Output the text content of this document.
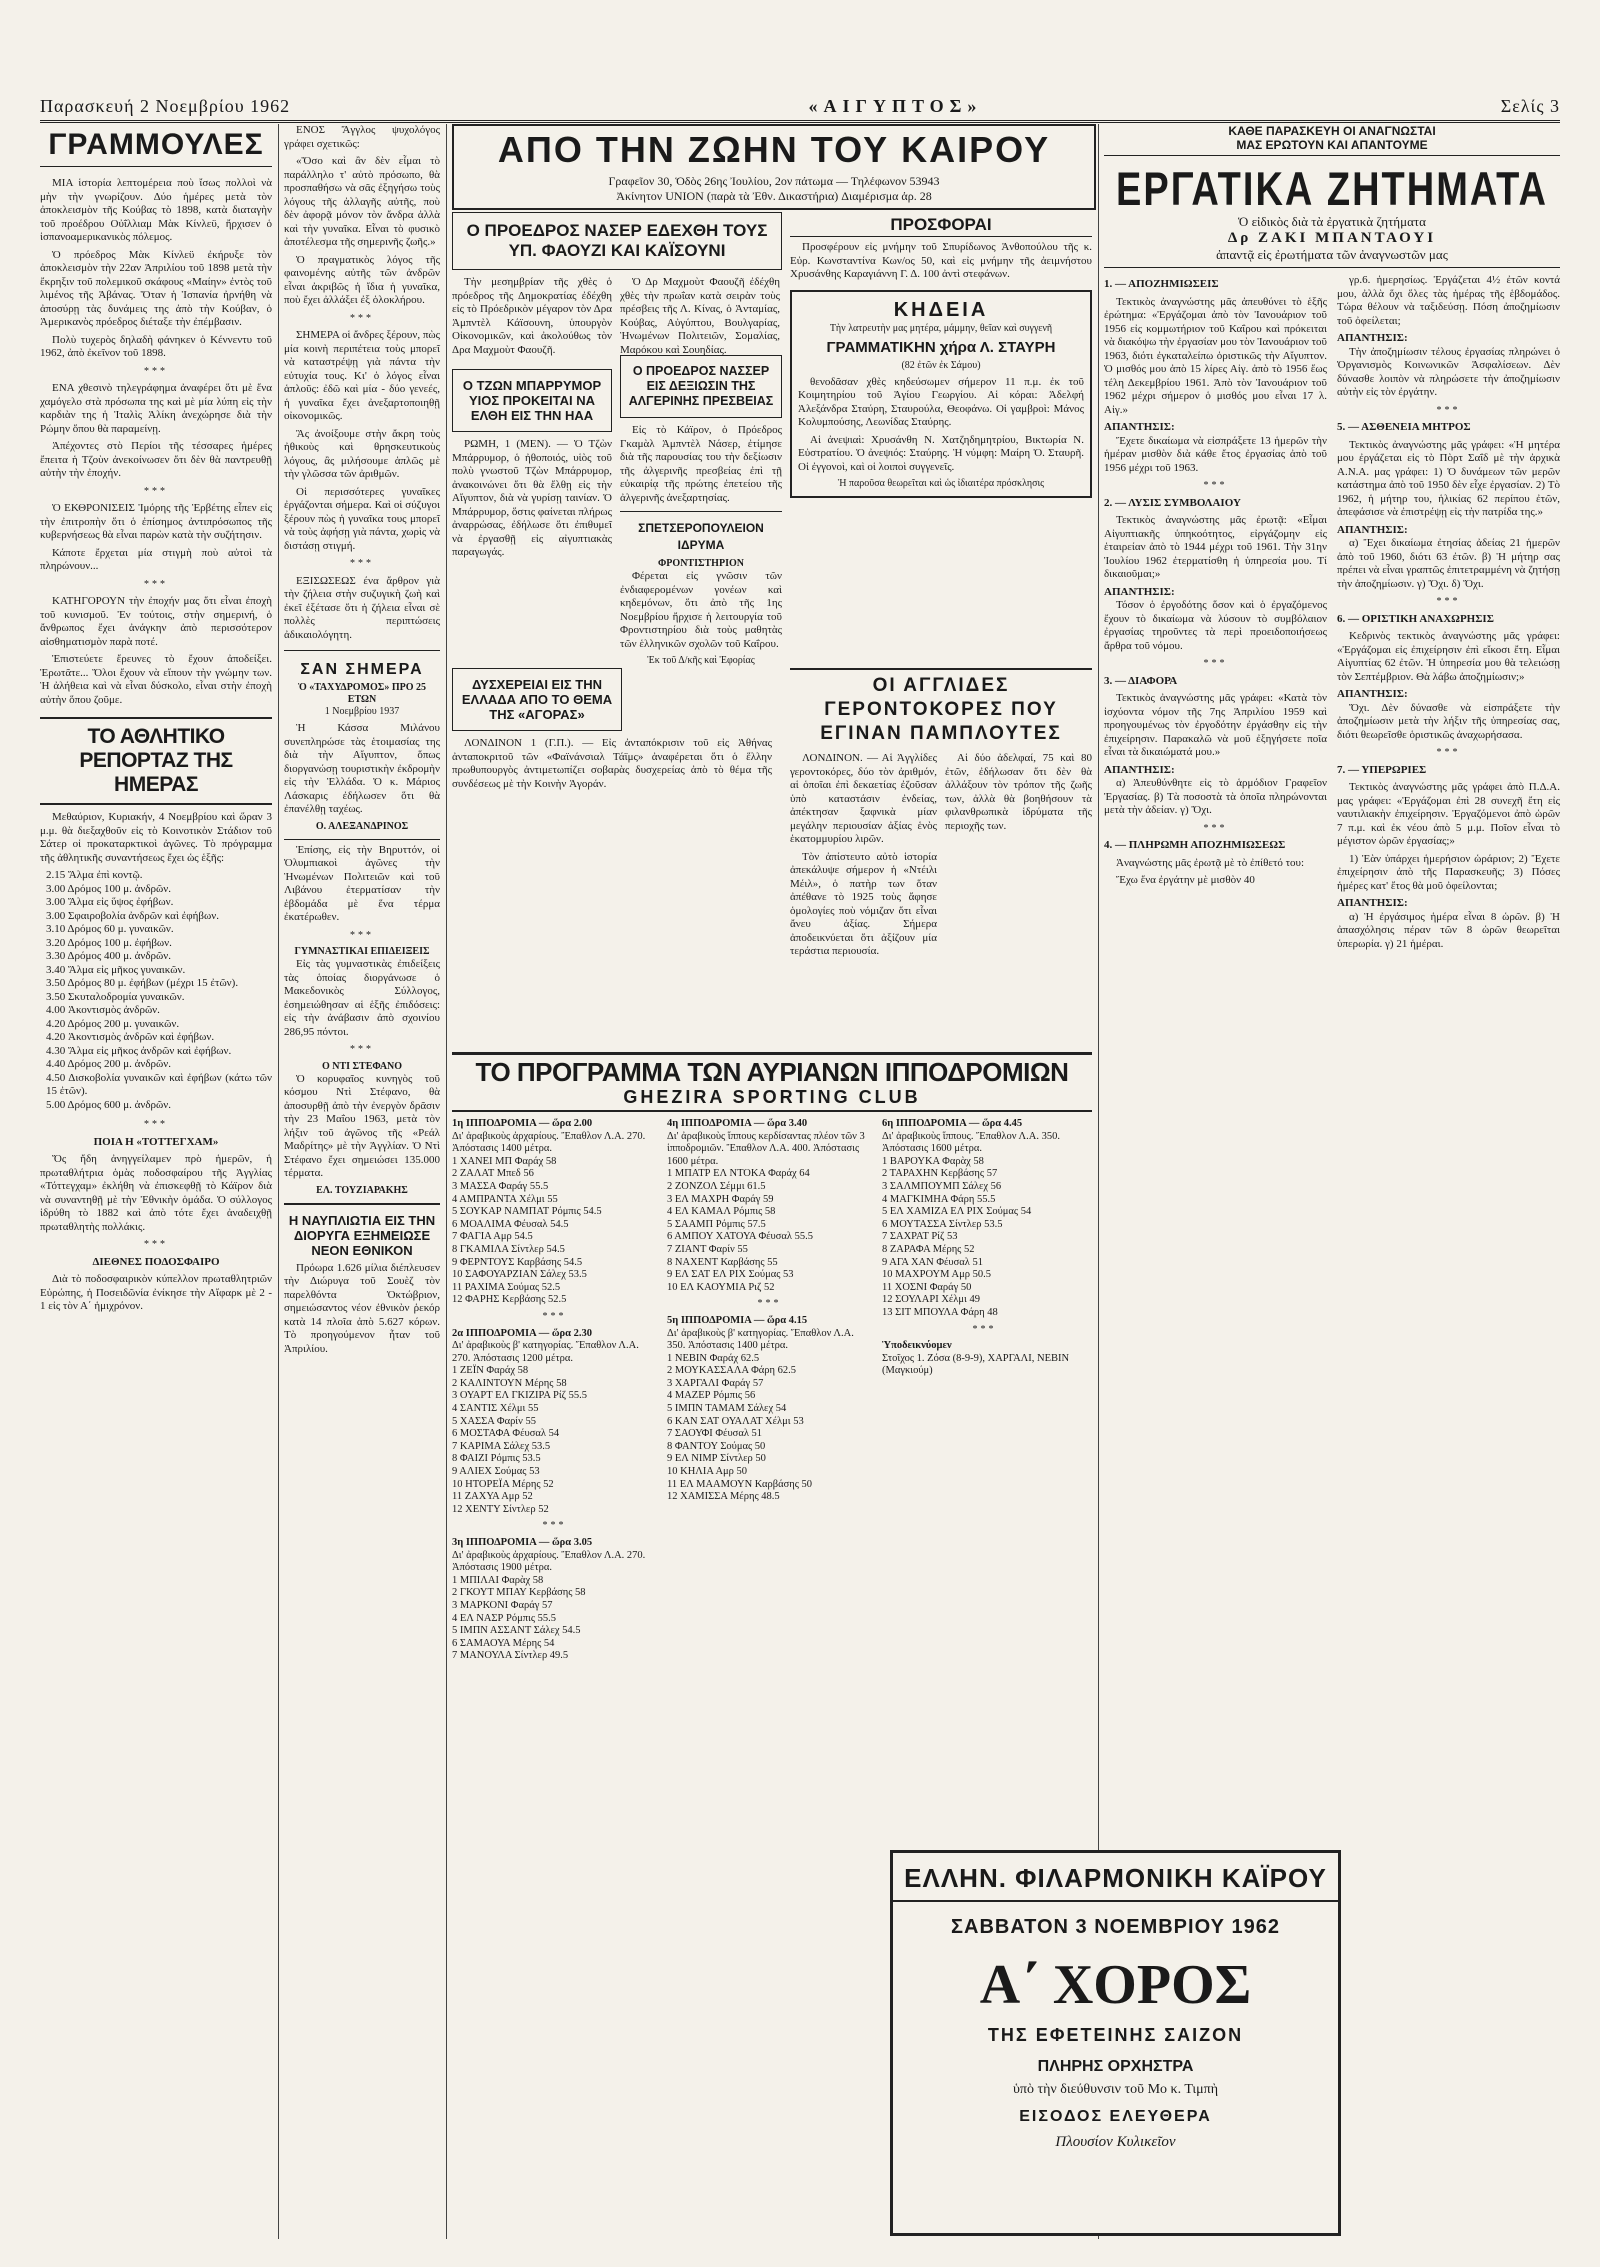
Παρασκευή 2 Νοεμβρίου 1962	«ΑΙΓΥΠΤΟΣ»	Σελίς 3
ΓΡΑΜΜΟΥΛΕΣ

ΜΙΑ ἱστορία λεπτομέρεια ποὺ ἴσως πολλοὶ νὰ μὴν τὴν γνωρίζουν. Δύο ἡμέρες μετὰ τὸν ἀποκλεισμὸν τῆς Κούβας τὸ 1898, κατὰ διαταγὴν τοῦ προέδρου Οὐΐλλιαμ Μὰκ Κίνλεϋ, ἤρχισεν ὁ ἱσπανοαμερικανικὸς πόλεμος.

Ὁ πρόεδρος Μὰκ Κίνλεϋ ἐκήρυξε τὸν ἀποκλεισμὸν τὴν 22αν Ἀπριλίου τοῦ 1898 μετὰ τὴν ἔκρηξιν τοῦ πολεμικοῦ σκάφους «Μαίην» ἐντὸς τοῦ λιμένος τῆς Ἀβάνας. Ὅταν ἡ Ἱσπανία ἠρνήθη νὰ ἀποσύρῃ τὰς δυνάμεις της ἀπὸ τὴν Κούβαν, ὁ Ἀμερικανὸς πρόεδρος διέταξε τὴν ἐπέμβασιν.

Πολὺ τυχερὸς δηλαδὴ φάνηκεν ὁ Κέννεντυ τοῦ 1962, ἀπὸ ἐκεῖνον τοῦ 1898.

***

ΕΝΑ χθεσινὸ τηλεγράφημα ἀναφέρει ὅτι μὲ ἕνα χαμόγελο στὰ πρόσωπα της καὶ μὲ μία λύπη εἰς τὴν καρδιὰν της ἡ Ἰταλὶς Ἀλίκη ἀνεχώρησε διὰ τὴν Ρώμην ὅπου θὰ παραμείνῃ.

Ἀπέχοντες στὸ Περίοι τῆς τέσσαρες ἡμέρες ἔπειτα ἡ Τζοὺν ἀνεκοίνωσεν ὅτι δὲν θὰ παντρευθῇ αὐτὴν τὴν ἐποχήν.

***

Ὁ ΕΚΘΡΟΝΙΣΕΙΣ Ἰμόρης τῆς Ἑρβέτης εἶπεν εἰς τὴν ἐπιτροπὴν ὅτι ὁ ἐπίσημος ἀντιπρόσωπος τῆς κυβερνήσεως θὰ εἶναι παρὼν κατὰ τὴν συζήτησιν.

Κάποτε ἔρχεται μία στιγμὴ ποὺ αὐτοὶ τὰ πληρώνουν...

***

ΚΑΤΗΓΟΡΟΥΝ τὴν ἐποχήν μας ὅτι εἶναι ἐποχὴ τοῦ κυνισμοῦ. Ἐν τούτοις, στὴν σημερινή, ὁ ἄνθρωπος ἔχει ἀνάγκην ἀπὸ περισσότερον αἰσθηματισμὸν παρὰ ποτέ.

Ἐπιστεύετε ἔρευνες τὸ ἔχουν ἀποδείξει. Ἐρωτᾶτε... Ὅλοι ἔχουν νὰ εἴπουν τὴν γνώμην των. Ἡ ἀλήθεια καὶ νὰ εἶναι δύσκολο, εἶναι στὴν ἐποχὴ αὐτὴν ὅπου ζοῦμε.

ΤΟ ΑΘΛΗΤΙΚΟ ΡΕΠΟΡΤΑΖ ΤΗΣ ΗΜΕΡΑΣ

Μεθαύριον, Κυριακήν, 4 Νοεμβρίου καὶ ὥραν 3 μ.μ. θὰ διεξαχθοῦν εἰς τὸ Κοινοτικὸν Στάδιον τοῦ Σάτερ οἱ προκαταρκτικοὶ ἀγῶνες. Τὸ πρόγραμμα τῆς ἀθλητικῆς συναντήσεως ἔχει ὡς ἑξῆς:

2.15 Ἅλμα ἐπὶ κοντῷ.
3.00 Δρόμος 100 μ. ἀνδρῶν.
3.00 Ἅλμα εἰς ὕψος ἐφήβων.
3.00 Σφαιροβολία ἀνδρῶν καὶ ἐφήβων.
3.10 Δρόμος 60 μ. γυναικῶν.
3.20 Δρόμος 100 μ. ἐφήβων.
3.30 Δρόμος 400 μ. ἀνδρῶν.
3.40 Ἅλμα εἰς μῆκος γυναικῶν.
3.50 Δρόμος 80 μ. ἐφήβων (μέχρι 15 ἐτῶν).
3.50 Σκυταλοδρομία γυναικῶν.
4.00 Ἀκοντισμὸς ἀνδρῶν.
4.20 Δρόμος 200 μ. γυναικῶν.
4.20 Ἀκοντισμὸς ἀνδρῶν καὶ ἐφήβων.
4.30 Ἅλμα εἰς μῆκος ἀνδρῶν καὶ ἐφήβων.
4.40 Δρόμος 200 μ. ἀνδρῶν.
4.50 Δισκοβολία γυναικῶν καὶ ἐφήβων (κάτω τῶν 15 ἐτῶν).
5.00 Δρόμος 600 μ. ἀνδρῶν.
***
ΠΟΙΑ Η «ΤΟΤΤΕΓΧΑΜ»

Ὅς ἤδη ἀνηγγείλαμεν πρὸ ἡμερῶν, ἡ πρωταθλήτρια ὁμὰς ποδοσφαίρου τῆς Ἀγγλίας «Τόττεγχαμ» ἐκλήθη νὰ ἐπισκεφθῇ τὸ Κάϊρον διὰ νὰ συναντηθῇ μὲ τὴν Ἐθνικὴν ὁμάδα. Ὁ σύλλογος ἱδρύθη τὸ 1882 καὶ ἀπὸ τότε ἔχει ἀναδειχθῇ πρωταθλητὴς πολλάκις.

***
ΔΙΕΘΝΕΣ ΠΟΔΟΣΦΑΙΡΟ

Διὰ τὸ ποδοσφαιρικὸν κύπελλον πρωταθλητριῶν Εὐρώπης, ἡ Ποσειδῶνία ἐνίκησε τὴν Αἴφαρκ μὲ 2 - 1 εἰς τὸν Α΄ ἡμιχρόνον.

ΕΝΟΣ Ἄγγλος ψυχολόγος γράφει σχετικῶς:

«Ὅσο καὶ ἂν δὲν εἶμαι τὸ παράλληλο τ' αὐτὸ πρόσωπο, θὰ προσπαθήσω νὰ σᾶς ἐξηγήσω τοὺς λόγους τῆς ἀλλαγῆς αὐτῆς, ποὺ δὲν ἀφορᾷ μόνον τὸν ἄνδρα ἀλλὰ καὶ τὴν γυναῖκα. Εἶναι τὸ φυσικὸ ἀποτέλεσμα τῆς σημερινῆς ζωῆς.»

Ὁ πραγματικὸς λόγος τῆς φαινομένης αὐτῆς τῶν ἀνδρῶν εἶναι ἀκριβῶς ἡ ἴδια ἡ γυναῖκα, ποὺ ἔχει ἀλλάξει ἐξ ὁλοκλήρου.

***

ΣΗΜΕΡΑ οἱ ἄνδρες ξέρουν, πὼς μία κοινὴ περιπέτεια τοὺς μπορεῖ νὰ καταστρέψῃ γιὰ πάντα τὴν εὐτυχία τους. Κι' ὁ λόγος εἶναι ἁπλοῦς: ἐδῶ καὶ μία - δύο γενεές, ἡ γυναῖκα ἔχει ἀνεξαρτοποιηθῇ οἰκονομικῶς.

Ἂς ἀνοίξουμε στὴν ἄκρη τοὺς ἠθικοὺς καὶ θρησκευτικοὺς λόγους, ἂς μιλήσουμε ἁπλῶς μὲ τὴν γλῶσσα τῶν ἀριθμῶν.

Οἱ περισσότερες γυναῖκες ἐργάζονται σήμερα. Καὶ οἱ σύζυγοι ξέρουν πὼς ἡ γυναῖκα τους μπορεῖ νὰ τοὺς ἀφήσῃ γιὰ πάντα, χωρὶς νὰ διστάσῃ στιγμή.

***

ΕΞΙΣΩΣΕΩΣ ένα ἄρθρον γιὰ τὴν ζήλεια στὴν συζυγικὴ ζωὴ καὶ ἐκεῖ ἐξέτασε ὅτι ἡ ζήλεια εἶναι σὲ πολλὲς περιπτώσεις ἀδικαιολόγητη.

ΣΑΝ ΣΗΜΕΡΑ
Ὁ «ΤΑΧΥΔΡΟΜΟΣ» ΠΡΟ 25 ΕΤΩΝ
1 Νοεμβρίου 1937

Ἡ Κάσσα Μιλάνου συνεπληρώσε τὰς ἑτοιμασίας της διὰ τὴν Αἴγυπτον, ὅπως διοργανώσῃ τουριστικὴν ἐκδρομὴν εἰς τὴν Ἑλλάδα. Ὁ κ. Μάριος Λάσκαρις ἐδήλωσεν ὅτι θὰ ἐπανέλθῃ ταχέως.

Ο. ΑΛΕΞΑΝΔΡΙΝΟΣ

Ἐπίσης, εἰς τὴν Βηρυττόν, οἱ Ὀλυμπιακοὶ ἀγῶνες τὴν Ἡνωμένων Πολιτειῶν καὶ τοῦ Λιβάνου ἐτερματίσαν τὴν ἑβδομάδα μὲ ἕνα τέρμα ἐκατέρωθεν.

***
ΓΥΜΝΑΣΤΙΚΑΙ ΕΠΙΔΕΙΞΕΙΣ

Εἰς τὰς γυμναστικὰς ἐπιδείξεις τὰς ὁποίας διοργάνωσε ὁ Μακεδονικὸς Σύλλογος, ἐσημειώθησαν αἱ ἑξῆς ἐπιδόσεις: εἰς τὴν ἀνάβασιν ἀπὸ σχοινίου 286,95 πόντοι.

***
Ο ΝΤΙ ΣΤΕΦΑΝΟ

Ὁ κορυφαῖος κυνηγὸς τοῦ κόσμου Ντὶ Στέφανο, θὰ ἀποσυρθῇ ἀπὸ τὴν ἐνεργὸν δρᾶσιν τὴν 23 Μαΐου 1963, μετὰ τὸν λήξιν τοῦ ἀγῶνος τῆς «Ρεάλ Μαδρίτης» μὲ τὴν Ἀγγλίαν. Ὁ Ντὶ Στέφανο ἔχει σημειώσει 135.000 τέρματα.

ΕΛ. ΤΟΥΖΙΑΡΑΚΗΣ
Η ΝΑΥΠΛΙΩΤΙΑ ΕΙΣ ΤΗΝ ΔΙΟΡΥΓΑ ΕΞΗΜΕΙΩΣΕ ΝΕΟΝ ΕΘΝΙΚΟΝ

Πρόωρα 1.626 μίλια διέπλευσεν τὴν Διώρυγα τοῦ Σουὲζ τὸν παρελθόντα Ὀκτώβριον, σημειώσαντος νέον ἐθνικὸν ῥεκόρ κατὰ 14 πλοῖα ἀπὸ 5.627 κόρων. Τὸ προηγούμενον ἦταν τοῦ Ἀπριλίου.

ΑΠΟ ΤΗΝ ΖΩΗΝ ΤΟΥ ΚΑΙΡΟΥ
Γραφεῖον 30, Ὁδὸς 26ης Ἰουλίου, 2ον πάτωμα — Τηλέφωνον 53943
Ἀκίνητον UNION (παρὰ τὰ Ἐθν. Δικαστήρια) Διαμέρισμα ἀρ. 28
Ο ΠΡΟΕΔΡΟΣ ΝΑΣΕΡ ΕΔΕΧΘΗ ΤΟΥΣ ΥΠ. ΦΑΟΥΖΙ ΚΑΙ ΚΑΪΣΟΥΝΙ

Τὴν μεσημβρίαν τῆς χθὲς ὁ πρόεδρος τῆς Δημοκρατίας ἐδέχθη εἰς τὸ Πρόεδρικὸν μέγαρον τὸν Δρα Ἀμπντὲλ Κάϊσουνη, ὑπουργὸν Οἰκονομικῶν, καὶ ἀκολούθως τὸν Δρα Μαχμοὺτ Φαουζῆ.

Ὁ Δρ Μαχμοὺτ Φαουζῆ ἐδέχθη χθὲς τὴν πρωΐαν κατὰ σειρὰν τοὺς πρέσβεις τῆς Λ. Κίνας, ὁ Ἀνταμίας, Κούβας, Αὐγύπτου, Βουλγαρίας, Ἡνωμένων Πολιτειῶν, Σομαλίας, Μαρόκου καὶ Σουηδίας.

Ο ΤΖΩΝ ΜΠΑΡΡΥΜΟΡ ΥΙΟΣ ΠΡΟΚΕΙΤΑΙ ΝΑ ΕΛΘΗ ΕΙΣ ΤΗΝ ΗΑΑ

ΡΩΜΗ, 1 (ΜΕΝ). — Ὁ Τζὼν Μπάρρυμορ, ὁ ἠθοποιός, υἱὸς τοῦ πολὺ γνωστοῦ Τζὼν Μπάρρυμορ, ἀνακοινώνει ὅτι θὰ ἔλθῃ εἰς τὴν Αἴγυπτον, διὰ νὰ γυρίσῃ ταινίαν. Ὁ Μπάρρυμορ, ὅστις φαίνεται πλήρως ἀναρρώσας, ἐδήλωσε ὅτι ἐπιθυμεῖ νὰ ἐργασθῇ εἰς αἰγυπτιακὰς παραγωγάς.

Ο ΠΡΟΕΔΡΟΣ ΝΑΣΣΕΡ ΕΙΣ ΔΕΞΙΩΣΙΝ ΤΗΣ ΑΛΓΕΡΙΝΗΣ ΠΡΕΣΒΕΙΑΣ

Εἰς τὸ Κάϊρον, ὁ Πρόεδρος Γκαμὰλ Ἀμπντὲλ Νάσερ, ἐτίμησε διὰ τῆς παρουσίας του τὴν δεξίωσιν τῆς ἀλγερινῆς πρεσβείας ἐπὶ τῇ εὐκαιρίᾳ τῆς πρώτης ἐπετείου τῆς ἀλγερινῆς ἀνεξαρτησίας.

ΣΠΕΤΣΕΡΟΠΟΥΛΕΙΟΝ ΙΔΡΥΜΑ
ΦΡΟΝΤΙΣΤΗΡΙΟΝ

Φέρεται εἰς γνῶσιν τῶν ἐνδιαφερομένων γονέων καὶ κηδεμόνων, ὅτι ἀπὸ τῆς 1ης Νοεμβρίου ἤρχισε ἡ λειτουργία τοῦ Φροντιστηρίου διὰ τοὺς μαθητὰς τῶν ἑλληνικῶν σχολῶν τοῦ Καΐρου.

Ἐκ τοῦ Δ/κῆς καὶ Ἐφορίας
ΠΡΟΣΦΟΡΑΙ

Προσφέρουν εἰς μνήμην τοῦ Σπυρίδωνος Ἀνθοπούλου τῆς κ. Εὐρ. Κωνσταντίνα Κων/ος 50, καὶ εἰς μνήμην τῆς ἀειμνήστου Χρυσάνθης Καραγιάννη Γ. Δ. 100 ἀντὶ στεφάνων.

ΚΗΔΕΙΑ
Τὴν λατρευτὴν μας μητέρα, μάμμην, θεῖαν καὶ συγγενῆ
ΓΡΑΜΜΑΤΙΚΗΝ χήρα Λ. ΣΤΑΥΡΗ
(82 ἐτῶν ἐκ Σάμου)

θενοδᾶσαν χθὲς κηδεύσωμεν σήμερον 11 π.μ. ἐκ τοῦ Κοιμητηρίου τοῦ Ἁγίου Γεωργίου. Αἱ κόραι: Ἀδελφή Ἀλεξάνδρα Σταύρη, Σταυρούλα, Θεοφάνω. Οἱ γαμβροὶ: Μάνος Κολυμπούσης, Λεωνίδας Σταύρης.

Αἱ ἀνεψιαὶ: Χρυσάνθη Ν. Χατζηδημητρίου, Βικτωρία Ν. Εὐστρατίου. Ὁ ἀνεψιός: Σταύρης. Ἡ νύμφη: Μαίρη Ὀ. Σταυρῆ. Οἱ ἐγγονοὶ, καὶ οἱ λοιποὶ συγγενεῖς.

Ἡ παροῦσα θεωρεῖται καὶ ὡς ἰδιαιτέρα πρόσκλησις
ΟΙ ΑΓΓΛΙΔΕΣ ΓΕΡΟΝΤΟΚΟΡΕΣ ΠΟΥ ΕΓΙΝΑΝ ΠΑΜΠΛΟΥΤΕΣ

ΛΟΝΔΙΝΟΝ. — Αἱ Ἀγγλίδες γεροντοκόρες, δύο τὸν ἀριθμόν, αἱ ὁποῖαι ἐπὶ δεκαετίας ἐζοῦσαν ὑπὸ καταστάσιν ἐνδείας, ἀπέκτησαν ξαφνικὰ μίαν μεγάλην περιουσίαν ἀξίας ἑνὸς ἑκατομμυρίου λιρῶν.

Τὸν ἀπίστευτο αὐτὸ ἱστορία ἀπεκάλυψε σήμερον ἡ «Ντέιλι Μέιλ», ὁ πατὴρ των ὅταν ἀπέθανε τὸ 1925 τοὺς ἄφησε ὁμολογίες ποὺ νόμιζαν ὅτι εἶναι ἄνευ ἀξίας. Σήμερα ἀποδεικνύεται ὅτι ἀξίζουν μία τεράστια περιουσία.

Αἱ δύο ἀδελφαί, 75 καὶ 80 ἐτῶν, ἐδήλωσαν ὅτι δὲν θὰ ἀλλάξουν τὸν τρόπον τῆς ζωῆς των, ἀλλὰ θὰ βοηθήσουν τὰ φιλανθρωπικὰ ἱδρύματα τῆς περιοχῆς των.

ΔΥΣΧΕΡΕΙΑΙ ΕΙΣ ΤΗΝ ΕΛΛΑΔΑ ΑΠΟ ΤΟ ΘΕΜΑ ΤΗΣ «ΑΓΟΡΑΣ»

ΛΟΝΔΙΝΟΝ 1 (Γ.Π.). — Εἰς ἀνταπόκρισιν τοῦ εἰς Ἀθήνας ἀνταποκριτοῦ τῶν «Φαϊνάνσιαλ Τάϊμς» ἀναφέρεται ὅτι ὁ ἕλλην πρωθυπουργὸς ἀντιμετωπίζει σοβαρὰς δυσχερείας ἀπὸ τὸ θέμα τῆς συνδέσεως μὲ τὴν Κοινὴν Ἀγοράν.

ΤΟ ΠΡΟΓΡΑΜΜΑ ΤΩΝ ΑΥΡΙΑΝΩΝ ΙΠΠΟΔΡΟΜΙΩΝ
GHEZIRA SPORTING CLUB
1η ΙΠΠΟΔΡΟΜΙΑ — ὥρα 2.00
Δι' ἀραβικοὺς ἀρχαρίους. Ἔπαθλον Λ.Α. 270. Ἀπόστασις 1400 μέτρα.
1 ΧΑΝΕΙ ΜΠ Φαράχ 58
2 ΖΑΛΑΤ Μπεδ 56
3 ΜΑΣΣΑ Φαράγ 55.5
4 ΑΜΠΡΑΝΤΑ Χέλμι 55
5 ΣΟΥΚΑΡ ΝΑΜΠΑΤ Ρόμπις 54.5
6 ΜΟΑΛΙΜΑ Φέυσαλ 54.5
7 ΦΑΓΙΑ Αμρ 54.5
8 ΓΚΑΜΙΛΑ Σίντλερ 54.5
9 ΦΕΡΝΤΟΥΣ Καρβάσης 54.5
10 ΣΑΦΟΥΑΡΖΙΑΝ Σάλεχ 53.5
11 ΡΑΧΙΜΑ Σούμας 52.5
12 ΦΑΡΗΣ Κερβάσης 52.5
***
2α ΙΠΠΟΔΡΟΜΙΑ — ὥρα 2.30
Δι' ἀραβικοὺς β' κατηγορίας. Ἔπαθλον Λ.Α. 270. Ἀπόστασις 1200 μέτρα.
1 ΖΕΪΝ Φαράχ 58
2 ΚΑΛΙΝΤΟΥΝ Μέρης 58
3 ΟΥΑΡΤ ΕΛ ΓΚΙΖΙΡΑ Ρίζ 55.5
4 ΣΑΝΤΙΣ Χέλμι 55
5 ΧΑΣΣΑ Φαρίν 55
6 ΜΟΣΤΑΦΑ Φέυσαλ 54
7 ΚΑΡΙΜΑ Σάλεχ 53.5
8 ΦΑΙΖΙ Ρόμπις 53.5
9 ΑΛΙΕΧ Σούμας 53
10 ΗΤΟΡΕΪΑ Μέρης 52
11 ΖΑΧΥΑ Αμρ 52
12 ΧΕΝΤΥ Σίντλερ 52
***
3η ΙΠΠΟΔΡΟΜΙΑ — ὥρα 3.05
Δι' ἀραβικοὺς ἀρχαρίους. Ἔπαθλον Λ.Α. 270. Ἀπόστασις 1900 μέτρα.
1 ΜΠΙΛΑΙ Φαρὰχ 58
2 ΓΚΟΥΤ ΜΠΑΥ Κερβάσης 58
3 ΜΑΡΚΟΝΙ Φαράγ 57
4 ΕΛ ΝΑΣΡ Ρόμπις 55.5
5 ΙΜΠΝ ΑΣΣΑΝΤ Σάλεχ 54.5
6 ΣΑΜΑΟΥΑ Μέρης 54
7 ΜΑΝΟΥΛΑ Σίντλερ 49.5
4η ΙΠΠΟΔΡΟΜΙΑ — ὥρα 3.40
Δι' ἀραβικοὺς ἵππους κερδίσαντας πλέον τῶν 3 ἱπποδρομιῶν. Ἔπαθλον Λ.Α. 400. Ἀπόστασις 1600 μέτρα.
1 ΜΠΑΤΡ ΕΛ ΝΤΟΚΑ Φαράχ 64
2 ΖΟΝΖΟΛ Σέμμι 61.5
3 ΕΛ ΜΑΧΡΗ Φαράγ 59
4 ΕΛ ΚΑΜΑΛ Ρόμπις 58
5 ΣΑΑΜΠ Ρόμπις 57.5
6 ΑΜΠΟΥ ΧΑΤΟΥΑ Φέυσαλ 55.5
7 ΖΙΑΝΤ Φαρίν 55
8 ΝΑΧΕΝΤ Καρβάσης 55
9 ΕΛ ΣΑΤ ΕΛ ΡΙΧ Σούμας 53
10 ΕΛ ΚΑΟΥΜΙΑ Ριζ 52
***
5η ΙΠΠΟΔΡΟΜΙΑ — ὥρα 4.15
Δι' ἀραβικοὺς β' κατηγορίας. Ἔπαθλον Λ.Α. 350. Ἀπόστασις 1400 μέτρα.
1 ΝΕΒΙΝ Φαράχ 62.5
2 ΜΟΥΚΑΣΣΑΛΑ Φάρη 62.5
3 ΧΑΡΓΑΛΙ Φαράγ 57
4 ΜΑΖΕΡ Ρόμπις 56
5 ΙΜΠΝ ΤΑΜΑΜ Σάλεχ 54
6 ΚΑΝ ΣΑΤ ΟΥΑΛΑΤ Χέλμι 53
7 ΣΑΟΥΦΙ Φέυσαλ 51
8 ΦΑΝΤΟΥ Σούμας 50
9 ΕΛ ΝΙΜΡ Σίντλερ 50
10 ΚΗΛΙΑ Αμρ 50
11 ΕΛ ΜΑΑΜΟΥΝ Καρβάσης 50
12 ΧΑΜΙΣΣΑ Μέρης 48.5
6η ΙΠΠΟΔΡΟΜΙΑ — ὥρα 4.45
Δι' ἀραβικοὺς ἵππους. Ἔπαθλον Λ.Α. 350. Ἀπόστασις 1600 μέτρα.
1 ΒΑΡΟΥΚΑ Φαρὰχ 58
2 ΤΑΡΑΧΗΝ Κερβάσης 57
3 ΣΑΛΜΠΟΥΜΠ Σάλεχ 56
4 ΜΑΓΚΙΜΗΑ Φάρη 55.5
5 ΕΛ ΧΑΜΙΖΑ ΕΛ ΡΙΧ Σούμας 54
6 ΜΟΥΤΑΣΣΑ Σίντλερ 53.5
7 ΣΑΧΡΑΤ Ρίζ 53
8 ΖΑΡΑΦΑ Μέρης 52
9 ΑΓΑ ΧΑΝ Φέυσαλ 51
10 ΜΑΧΡΟΥΜ Αμρ 50.5
11 ΧΟΣΝΙ Φαράγ 50
12 ΣΟΥΛΑΡΙ Χέλμι 49
13 ΣΙΤ ΜΠΟΥΛΑ Φάρη 48
***
Ὑποδεικνύομεν
Στοῖχος 1. Ζόσα (8-9-9), ΧΑΡΓΑΛΙ, ΝΕΒΙΝ (Μαγκιούμ)
ΚΑΘΕ ΠΑΡΑΣΚΕΥΗ ΟΙ ΑΝΑΓΝΩΣΤΑΙ
ΜΑΣ ΕΡΩΤΟΥΝ ΚΑΙ ΑΠΑΝΤΟΥΜΕ
ΕΡΓΑΤΙΚΑ ΖΗΤΗΜΑΤΑ
Ὁ εἰδικὸς διὰ τὰ ἐργατικὰ ζητήματα
Δρ ΖΑΚΙ ΜΠΑΝΤΑΟΥΙ
ἀπαντᾷ εἰς ἐρωτήματα τῶν ἀναγνωστῶν μας
1. — ΑΠΟΖΗΜΙΩΣΕΙΣ

Τεκτικὸς ἀναγνώστης μᾶς ἀπευθύνει τὸ ἑξῆς ἐρώτημα: «Ἐργάζομαι ἀπὸ τὸν Ἰανουάριον τοῦ 1956 εἰς κομμωτήριον τοῦ Καΐρου καὶ πρόκειται νὰ διακόψω τὴν ἐργασίαν μου τὸν Ἰανουάριον τοῦ 1963, διότι ἐγκαταλείπω ὁριστικῶς τὴν Αἴγυπτον. Ὁ μισθός μου ἀπὸ 15 λίρες Αἰγ. ἀπὸ τὸ 1956 ἕως τέλη Δεκεμβρίου 1961. Ἀπὸ τὸν Ἰανουάριον τοῦ 1962 μέχρι σήμερον ὁ μισθός μου εἶναι 17 λ. Αἰγ.»

ΑΠΑΝΤΗΣΙΣ:

Ἔχετε δικαίωμα νὰ εἰσπράξετε 13 ἡμερῶν τὴν ἡμέραν μισθὸν διὰ κάθε ἔτος ἐργασίας ἀπὸ τοῦ 1956 μέχρι τοῦ 1963.

***
2. — ΛΥΣΙΣ ΣΥΜΒΟΛΑΙΟΥ

Τεκτικὸς ἀναγνώστης μᾶς ἐρωτᾷ: «Εἶμαι Αἰγυπτιακῆς ὑπηκοότητος, εἰργάζομην εἰς ἑταιρείαν ἀπὸ τὸ 1944 μέχρι τοῦ 1961. Τὴν 31ην Ἰουλίου 1962 ἐτερματίσθη ἡ ὑπηρεσία μου. Τί δικαιοῦμαι;»

ΑΠΑΝΤΗΣΙΣ:

Τόσον ὁ ἐργοδότης ὅσον καὶ ὁ ἐργαζόμενος ἔχουν τὸ δικαίωμα νὰ λύσουν τὸ συμβόλαιον ἐργασίας τηροῦντες τὰ περὶ προειδοποιήσεως ἄρθρα τοῦ νόμου.

***
3. — ΔΙΑΦΟΡΑ

Τεκτικὸς ἀναγνώστης μᾶς γράφει: «Κατὰ τὸν ἰσχύοντα νόμον τῆς 7ης Ἀπριλίου 1959 καὶ προηγουμένως τὸν ἐργοδότην ἐργάσθην εἰς τὴν ἐπιχείρησιν. Παρακαλῶ νὰ μοῦ ἐξηγήσετε ποῖα εἶναι τὰ δικαιώματά μου.»

ΑΠΑΝΤΗΣΙΣ:

α) Ἀπευθύνθητε εἰς τὸ ἁρμόδιον Γραφεῖον Ἐργασίας. β) Τὰ ποσοστὰ τὰ ὁποῖα πληρώνονται μετὰ τὴν ἀδείαν. γ) Ὄχι.

***
4. — ΠΛΗΡΩΜΗ ΑΠΟΖΗΜΙΩΣΕΩΣ

Ἀναγνώστης μᾶς ἐρωτᾷ μὲ τὸ ἐπίθετό του:

Ἔχω ἕνα ἐργάτην μὲ μισθὸν 40

γρ.6. ἡμερησίως. Ἐργάζεται 4½ ἐτῶν κοντά μου, ἀλλὰ ὅχι ὅλες τὰς ἡμέρας τῆς ἑβδομάδος. Τώρα θέλουν νὰ ταξιδεύσῃ. Πόση ἀποζημίωσιν τοῦ ὀφείλεται;

ΑΠΑΝΤΗΣΙΣ:

Τὴν ἀποζημίωσιν τέλους ἐργασίας πληρώνει ὁ Ὀργανισμὸς Κοινωνικῶν Ἀσφαλίσεων. Δὲν δύνασθε λοιπὸν νὰ πληρώσετε τὴν ἀποζημίωσιν αὐτὴν εἰς τὸν ἐργάτην.

***
5. — ΑΣΘΕΝΕΙΑ ΜΗΤΡΟΣ

Τεκτικὸς ἀναγνώστης μᾶς γράφει: «Ἡ μητέρα μου ἐργάζεται εἰς τὸ Πὸρτ Σαΐδ μὲ τὴν ἀρχικὰ Α.Ν.Α. μας γράφει: 1) Ὁ δυνάμεων τῶν μερῶν κατάστημα ἀπὸ τοῦ 1950 δὲν εἶχε ἐργασίαν. 2) Τὸ 1962, ἡ μήτηρ του, ἡλικίας 62 περίπου ἐτῶν, ἀπεφάσισε νὰ ἐπιστρέψῃ εἰς τὴν πατρίδα της.»

ΑΠΑΝΤΗΣΙΣ:

α) Ἔχει δικαίωμα ἐτησίας ἀδείας 21 ἡμερῶν ἀπὸ τοῦ 1960, διότι 63 ἐτῶν. β) Ἡ μήτηρ σας πρέπει νὰ εἶναι γραπτῶς ἐπιτετραμμένη νὰ ζητήσῃ τὴν ἀποζημίωσιν. γ) Ὄχι. δ) Ὄχι.

***
6. — ΟΡΙΣΤΙΚΗ ΑΝΑΧΩΡΗΣΙΣ

Κεδρινὸς τεκτικὸς ἀναγνώστης μᾶς γράφει: «Ἐργάζομαι εἰς ἐπιχείρησιν ἐπὶ εἴκοσι ἔτη. Εἶμαι Αἰγυπτίας 62 ἐτῶν. Ἡ ὑπηρεσία μου θὰ τελειώσῃ τὸν Σεπτέμβριον. Θὰ λάβω ἀποζημίωσιν;»

ΑΠΑΝΤΗΣΙΣ:

Ὄχι. Δὲν δύνασθε νὰ εἰσπράξετε τὴν ἀποζημίωσιν μετὰ τὴν λήξιν τῆς ὑπηρεσίας σας, διότι θεωρεῖσθε ὁριστικῶς ἀναχωρήσασα.

***
7. — ΥΠΕΡΩΡΙΕΣ

Τεκτικὸς ἀναγνώστης μᾶς γράφει ἀπὸ Π.Δ.Α. μας γράφει: «Ἐργάζομαι ἐπὶ 28 συνεχῆ ἔτη εἰς ναυτιλιακὴν ἐπιχείρησιν. Ἐργαζόμενοι ἀπὸ ὡρῶν 7 π.μ. καὶ ἐκ νέου ἀπὸ 5 μ.μ. Ποῖον εἶναι τὸ μέγιστον ὡρῶν ἐργασίας;»

1) Ἐὰν ὑπάρχει ἡμερήσιον ὡράριον; 2) Ἔχετε ἐπιχείρησιν ἀπὸ τῆς Παρασκευῆς; 3) Πόσες ἡμέρες κατ' ἔτος θὰ μοῦ ὀφείλονται;

ΑΠΑΝΤΗΣΙΣ:

α) Ἡ ἐργάσιμος ἡμέρα εἶναι 8 ὡρῶν. β) Ἡ ἀπασχόλησις πέραν τῶν 8 ὡρῶν θεωρεῖται ὑπερωρία. γ) 21 ἡμέραι.

ΕΛΛΗΝ. ΦΙΛΑΡΜΟΝΙΚΗ ΚΑΪΡΟΥ
ΣΑΒΒΑΤΟΝ 3 ΝΟΕΜΒΡΙΟΥ 1962
Α΄ ΧΟΡΟΣ
ΤΗΣ ΕΦΕΤΕΙΝΗΣ ΣΑΙΖΟΝ
ΠΛΗΡΗΣ ΟΡΧΗΣΤΡΑ
ὑπὸ τὴν διεύθυνσιν τοῦ Μο κ. Τιμπὴ
ΕΙΣΟΔΟΣ ΕΛΕΥΘΕΡΑ
Πλουσίον Κυλικεῖον
